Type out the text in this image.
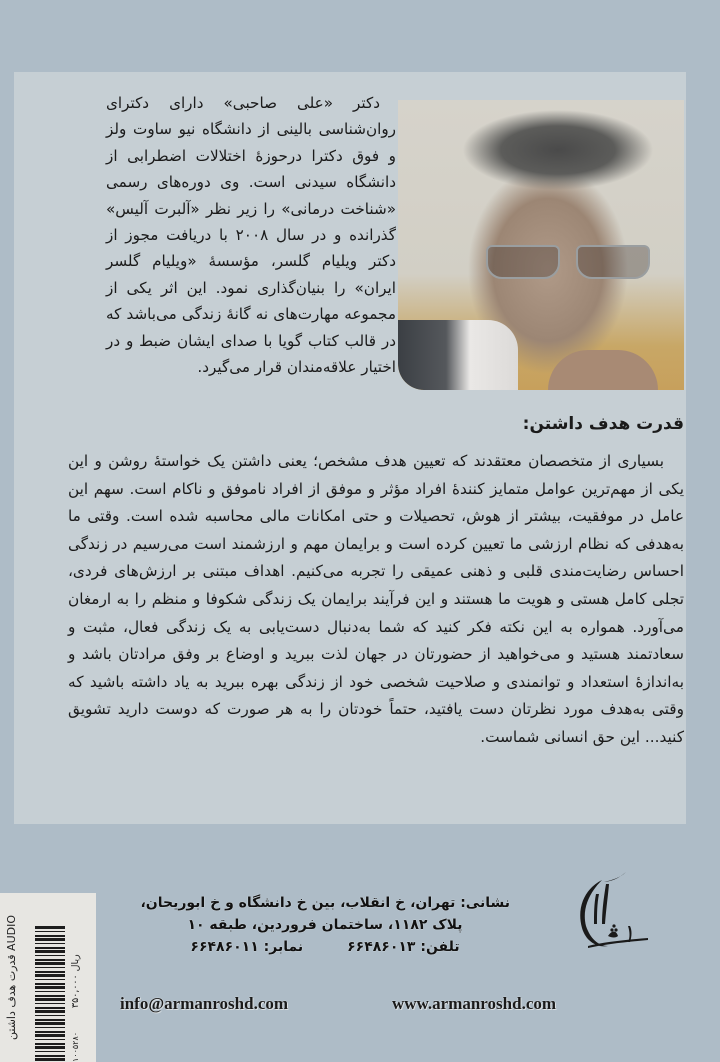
دکتر «علی صاحبی» دارای دکترای روان‌شناسی بالینی از دانشگاه نیو ساوت ولز و فوق دکترا درحوزهٔ اختلالات اضطرابی از دانشگاه سیدنی است. وی دوره‌های رسمی «شناخت درمانی» را زیر نظر «آلبرت آلیس» گذرانده و در سال ۲۰۰۸ با دریافت مجوز از دکتر ویلیام گلسر، مؤسسهٔ «ویلیام گلسر ایران» را بنیان‌گذاری نمود. این اثر یکی از مجموعه مهارت‌های نه گانهٔ زندگی می‌باشد که در قالب کتاب گویا با صدای ایشان ضبط و در اختیار علاقه‌مندان قرار می‌گیرد.

قدرت هدف داشتن:

بسیاری از متخصصان معتقدند که تعیین هدف مشخص؛ یعنی داشتن یک خواستهٔ روشن و این یکی از مهم‌ترین عوامل متمایز کنندهٔ افراد مؤثر و موفق از افراد ناموفق و ناکام است. سهم این عامل در موفقیت، بیشتر از هوش، تحصیلات و حتی امکانات مالی محاسبه شده است. وقتی ما به‌هدفی که نظام ارزشی ما تعیین کرده است و برایمان مهم و ارزشمند است می‌رسیم در زندگی احساس رضایت‌مندی قلبی و ذهنی عمیقی را تجربه می‌کنیم. اهداف مبتنی بر ارزش‌های فردی، تجلی کامل هستی و هویت ما هستند و این فرآیند برایمان یک زندگی شکوفا و منظم را به ارمغان می‌آورد. همواره به این نکته فکر کنید که شما به‌دنبال دست‌یابی به یک زندگی فعال، مثبت و سعادتمند هستید و می‌خواهید از حضورتان در جهان لذت ببرید و اوضاع بر وفق مرادتان باشد و به‌اندازهٔ استعداد و توانمندی و صلاحیت شخصی خود از زندگی بهره ببرید به یاد داشته باشید که وقتی به‌هدف مورد نظرتان دست یافتید، حتماً خودتان را به هر صورت که دوست دارید تشویق کنید... این حق انسانی شماست.

نشانی: تهران، خ انقلاب، بین خ دانشگاه و خ ابوریحان،
پلاک ۱۱۸۲، ساختمان فروردین، طبقه ۱۰
تلفن: ۶۶۴۸۶۰۱۳
نمابر: ۶۶۴۸۶۰۱۱
info@armanroshd.com	www.armanroshd.com
قدرت هدف داشتن AUDIO
۳۵۰,۰۰۰ ریال
۱۰۰۵۲۸۰
